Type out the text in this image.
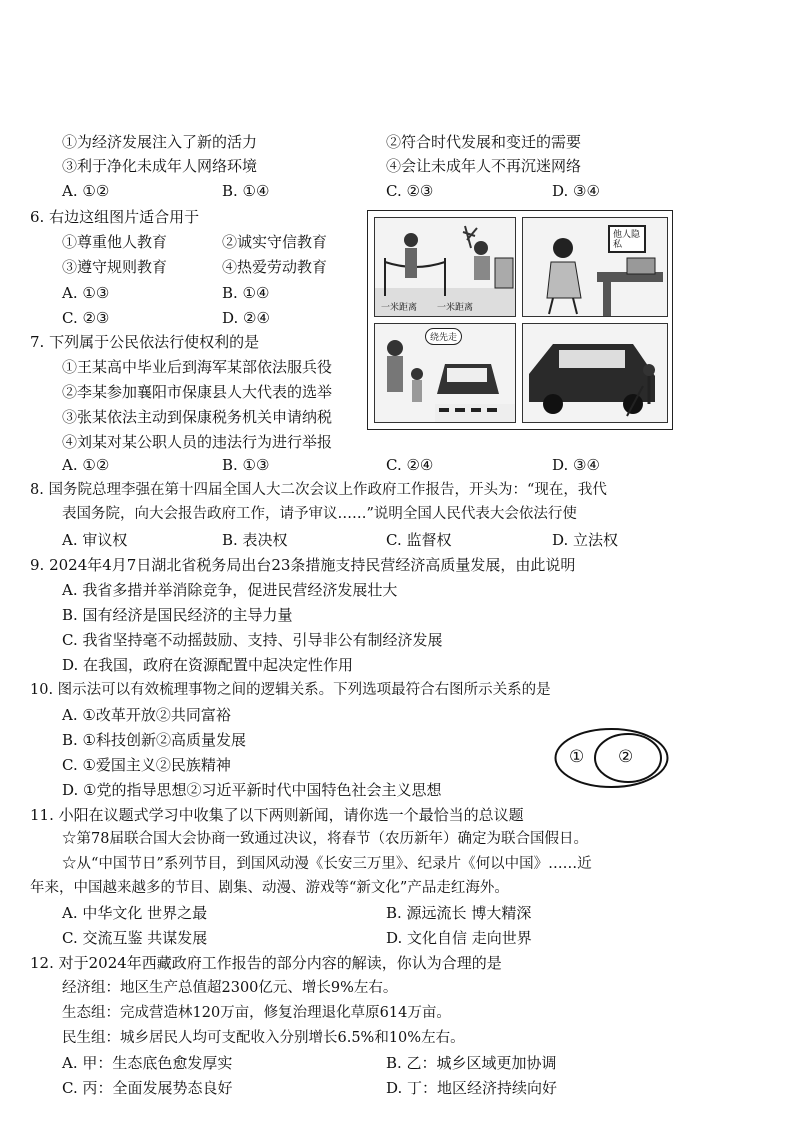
①为经济发展注入了新的活力	②符合时代发展和变迁的需要
③利于净化未成年人网络环境	④会让未成年人不再沉迷网络
A. ①②	B. ①④	C. ②③	D. ③④
6. 右边这组图片适合用于
①尊重他人教育	②诚实守信教育
③遵守规则教育	④热爱劳动教育
A. ①③	B. ①④
C. ②③	D. ②④
一米距离 一米距离
他人隐私
绕先走
7. 下列属于公民依法行使权利的是
①王某高中毕业后到海军某部依法服兵役
②李某参加襄阳市保康县人大代表的选举
③张某依法主动到保康税务机关申请纳税
④刘某对某公职人员的违法行为进行举报
A. ①②	B. ①③	C. ②④	D. ③④
8. 国务院总理李强在第十四届全国人大二次会议上作政府工作报告，开头为：“现在，我代
表国务院，向大会报告政府工作，请予审议……”说明全国人民代表大会依法行使
A. 审议权	B. 表决权	C. 监督权	D. 立法权
9. 2024年4月7日湖北省税务局出台23条措施支持民营经济高质量发展，由此说明
A. 我省多措并举消除竞争，促进民营经济发展壮大
B. 国有经济是国民经济的主导力量
C. 我省坚持毫不动摇鼓励、支持、引导非公有制经济发展
D. 在我国，政府在资源配置中起决定性作用
10. 图示法可以有效梳理事物之间的逻辑关系。下列选项最符合右图所示关系的是
A. ①改革开放②共同富裕
B. ①科技创新②高质量发展
C. ①爱国主义②民族精神
D. ①党的指导思想②习近平新时代中国特色社会主义思想
① ②
11. 小阳在议题式学习中收集了以下两则新闻，请你选一个最恰当的总议题
☆第78届联合国大会协商一致通过决议，将春节（农历新年）确定为联合国假日。
☆从“中国节日”系列节目，到国风动漫《长安三万里》、纪录片《何以中国》……近
年来，中国越来越多的节目、剧集、动漫、游戏等“新文化”产品走红海外。
A. 中华文化 世界之最	B. 源远流长 博大精深
C. 交流互鉴 共谋发展	D. 文化自信 走向世界
12. 对于2024年西藏政府工作报告的部分内容的解读，你认为合理的是
经济组：地区生产总值超2300亿元、增长9%左右。
生态组：完成营造林120万亩，修复治理退化草原614万亩。
民生组：城乡居民人均可支配收入分别增长6.5%和10%左右。
A. 甲：生态底色愈发厚实	B. 乙：城乡区域更加协调
C. 丙：全面发展势态良好	D. 丁：地区经济持续向好
